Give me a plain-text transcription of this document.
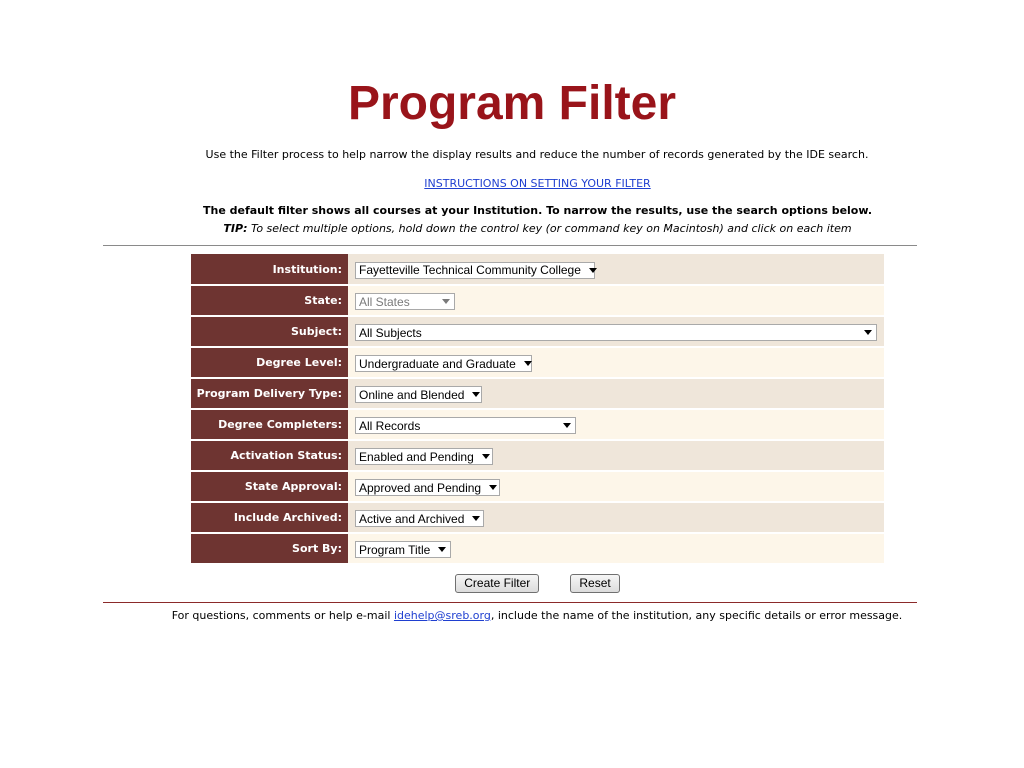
Program Filter
Use the Filter process to help narrow the display results and reduce the number of records generated by the IDE search.
INSTRUCTIONS ON SETTING YOUR FILTER
The default filter shows all courses at your Institution. To narrow the results, use the search options below.
TIP: To select multiple options, hold down the control key (or command key on Macintosh) and click on each item
Institution:	Fayetteville Technical Community College

State:	All States

Subject:	All Subjects

Degree Level:	Undergraduate and Graduate

Program Delivery Type:	Online and Blended

Degree Completers:	All Records

Activation Status:	Enabled and Pending

State Approval:	Approved and Pending

Include Archived:	Active and Archived

Sort By:	Program Title
Create Filter	Reset
For questions, comments or help e-mail idehelp@sreb.org, include the name of the institution, any specific details or error message.
